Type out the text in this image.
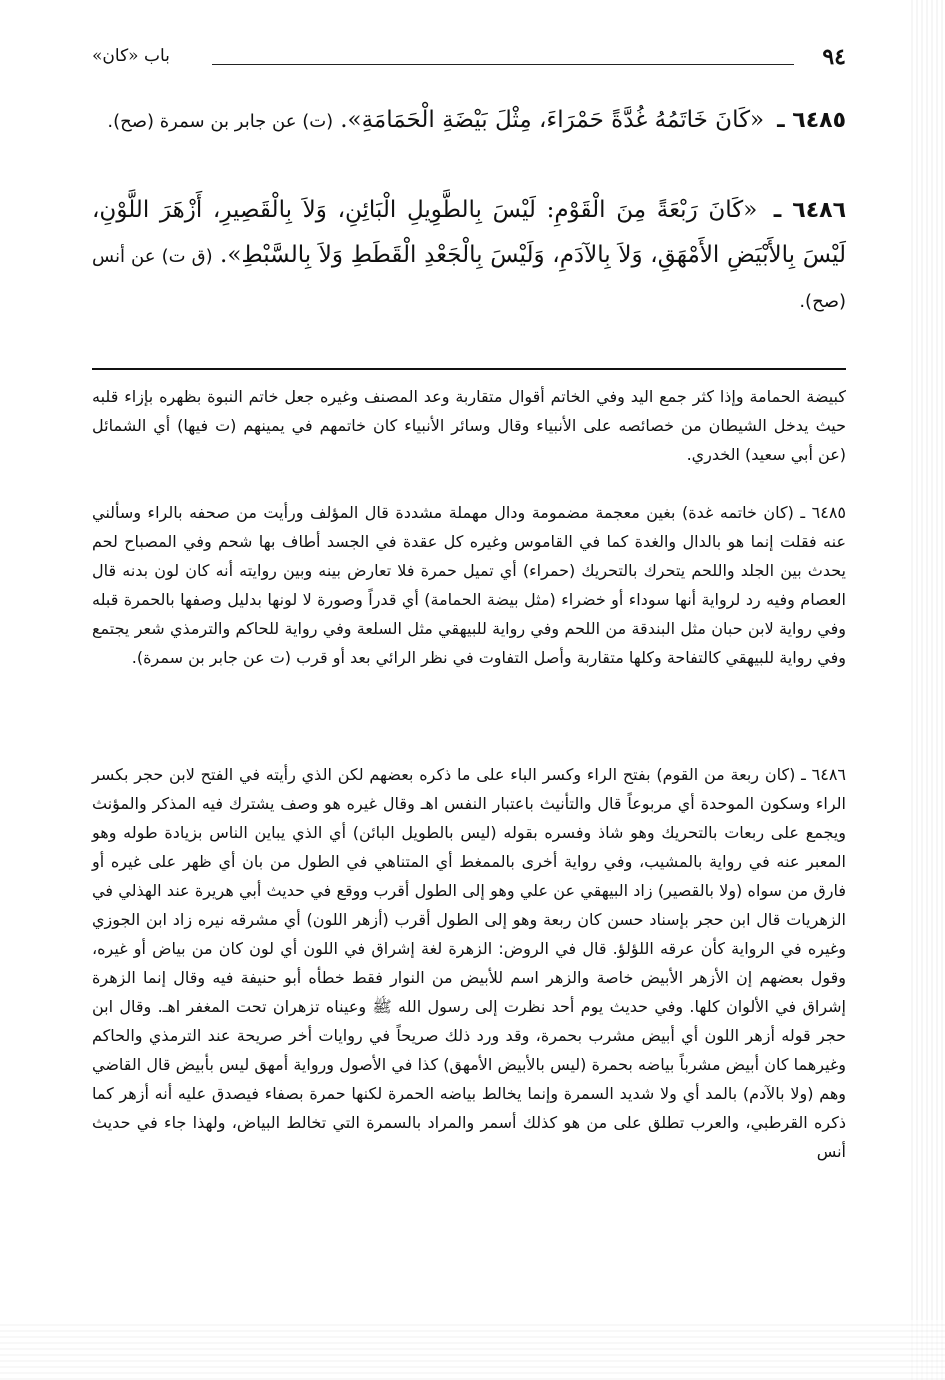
٩٤
باب «كان»
٦٤٨٥ ـ «كَانَ خَاتَمُهُ غُدَّةً حَمْرَاءَ، مِثْلَ بَيْضَةِ الْحَمَامَةِ». (ت) عن جابر بن سمرة (صح).
٦٤٨٦ ـ «كَانَ رَبْعَةً مِنَ الْقَوْمِ: لَيْسَ بِالطَّوِيلِ الْبَائِنِ، وَلاَ بِالْقَصِيرِ، أَزْهَرَ اللَّوْنِ، لَيْسَ بِالأَبْيَضِ الأَمْهَقِ، وَلاَ بِالآدَمِ، وَلَيْسَ بِالْجَعْدِ الْقَطَطِ وَلاَ بِالسَّبْطِ». (ق ت) عن أنس (صح).
كبيضة الحمامة وإذا كثر جمع اليد وفي الخاتم أقوال متقاربة وعد المصنف وغيره جعل خاتم النبوة بظهره بإزاء قلبه حيث يدخل الشيطان من خصائصه على الأنبياء وقال وسائر الأنبياء كان خاتمهم في يمينهم (ت فيها) أي الشمائل (عن أبي سعيد) الخدري.
٦٤٨٥ ـ (كان خاتمه غدة) بغين معجمة مضمومة ودال مهملة مشددة قال المؤلف ورأيت من صحفه بالراء وسألني عنه فقلت إنما هو بالدال والغدة كما في القاموس وغيره كل عقدة في الجسد أطاف بها شحم وفي المصباح لحم يحدث بين الجلد واللحم يتحرك بالتحريك (حمراء) أي تميل حمرة فلا تعارض بينه وبين روايته أنه كان لون بدنه قال العصام وفيه رد لرواية أنها سوداء أو خضراء (مثل بيضة الحمامة) أي قدراً وصورة لا لونها بدليل وصفها بالحمرة قبله وفي رواية لابن حبان مثل البندقة من اللحم وفي رواية للبيهقي مثل السلعة وفي رواية للحاكم والترمذي شعر يجتمع وفي رواية للبيهقي كالتفاحة وكلها متقاربة وأصل التفاوت في نظر الرائي بعد أو قرب (ت عن جابر بن سمرة).
٦٤٨٦ ـ (كان ربعة من القوم) بفتح الراء وكسر الباء على ما ذكره بعضهم لكن الذي رأيته في الفتح لابن حجر بكسر الراء وسكون الموحدة أي مربوعاً قال والتأنيث باعتبار النفس اهـ وقال غيره هو وصف يشترك فيه المذكر والمؤنث ويجمع على ربعات بالتحريك وهو شاذ وفسره بقوله (ليس بالطويل البائن) أي الذي يباين الناس بزيادة طوله وهو المعبر عنه في رواية بالمشيب، وفي رواية أخرى بالممغط أي المتناهي في الطول من بان أي ظهر على غيره أو فارق من سواه (ولا بالقصير) زاد البيهقي عن علي وهو إلى الطول أقرب ووقع في حديث أبي هريرة عند الهذلي في الزهريات قال ابن حجر بإسناد حسن كان ربعة وهو إلى الطول أقرب (أزهر اللون) أي مشرقه نيره زاد ابن الجوزي وغيره في الرواية كأن عرقه اللؤلؤ. قال في الروض: الزهرة لغة إشراق في اللون أي لون كان من بياض أو غيره، وقول بعضهم إن الأزهر الأبيض خاصة والزهر اسم للأبيض من النوار فقط خطأه أبو حنيفة فيه وقال إنما الزهرة إشراق في الألوان كلها. وفي حديث يوم أحد نظرت إلى رسول الله ﷺ وعيناه تزهران تحت المغفر اهـ. وقال ابن حجر قوله أزهر اللون أي أبيض مشرب بحمرة، وقد ورد ذلك صريحاً في روايات أخر صريحة عند الترمذي والحاكم وغيرهما كان أبيض مشرباً بياضه بحمرة (ليس بالأبيض الأمهق) كذا في الأصول ورواية أمهق ليس بأبيض قال القاضي وهم (ولا بالآدم) بالمد أي ولا شديد السمرة وإنما يخالط بياضه الحمرة لكنها حمرة بصفاء فيصدق عليه أنه أزهر كما ذكره القرطبي، والعرب تطلق على من هو كذلك أسمر والمراد بالسمرة التي تخالط البياض، ولهذا جاء في حديث أنس
